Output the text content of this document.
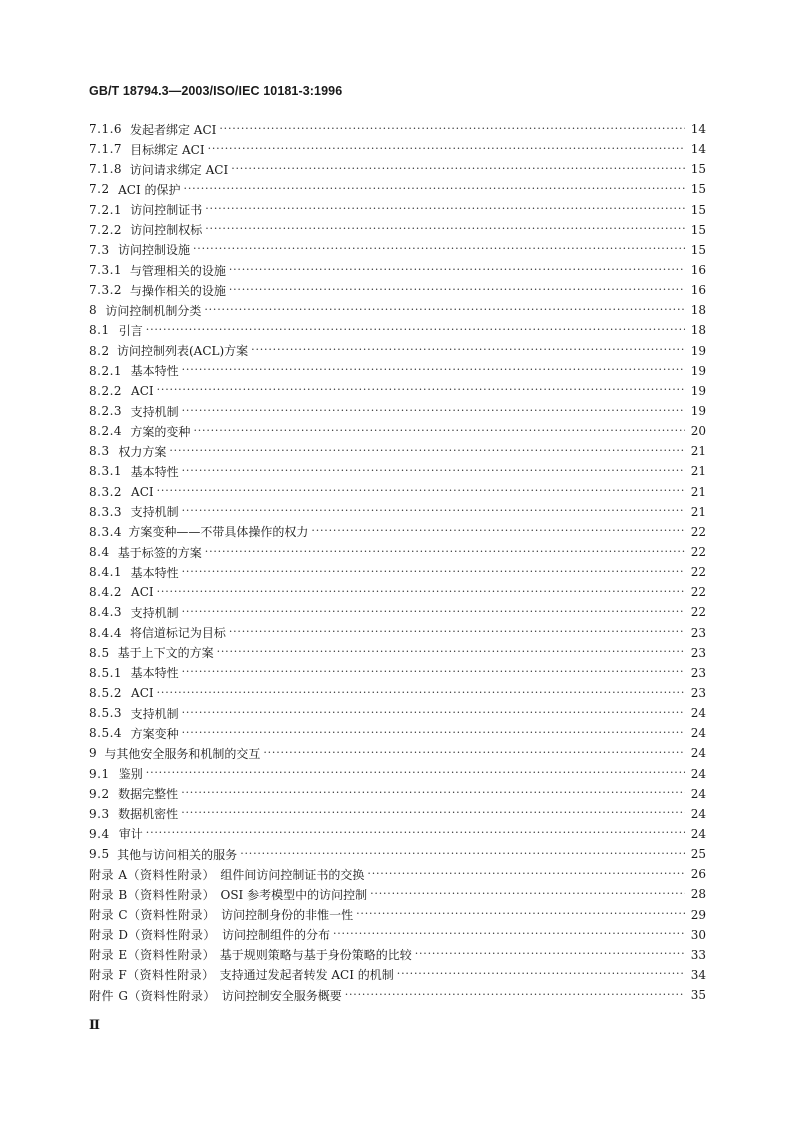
GB/T 18794.3—2003/ISO/IEC 10181-3:1996
7.1.6 发起者绑定 ACI ·····	14
7.1.7 目标绑定 ACI ·····	14
7.1.8 访问请求绑定 ACI ·····	15
7.2 ACI 的保护 ·····	15
7.2.1 访问控制证书 ·····	15
7.2.2 访问控制权标 ·····	15
7.3 访问控制设施 ·····	15
7.3.1 与管理相关的设施 ·····	16
7.3.2 与操作相关的设施 ·····	16
8 访问控制机制分类 ·····	18
8.1 引言 ·····	18
8.2 访问控制列表(ACL)方案 ·····	19
8.2.1 基本特性 ·····	19
8.2.2 ACI ·····	19
8.2.3 支持机制 ·····	19
8.2.4 方案的变种 ·····	20
8.3 权力方案 ·····	21
8.3.1 基本特性 ·····	21
8.3.2 ACI ·····	21
8.3.3 支持机制 ·····	21
8.3.4 方案变种——不带具体操作的权力 ·····	22
8.4 基于标签的方案 ·····	22
8.4.1 基本特性 ·····	22
8.4.2 ACI ·····	22
8.4.3 支持机制 ·····	22
8.4.4 将信道标记为目标 ·····	23
8.5 基于上下文的方案 ·····	23
8.5.1 基本特性 ·····	23
8.5.2 ACI ·····	23
8.5.3 支持机制 ·····	24
8.5.4 方案变种 ·····	24
9 与其他安全服务和机制的交互 ·····	24
9.1 鉴别 ·····	24
9.2 数据完整性 ·····	24
9.3 数据机密性 ·····	24
9.4 审计 ·····	24
9.5 其他与访问相关的服务 ·····	25
附录 A（资料性附录） 组件间访问控制证书的交换 ·····	26
附录 B（资料性附录） OSI 参考模型中的访问控制 ·····	28
附录 C（资料性附录） 访问控制身份的非惟一性 ·····	29
附录 D（资料性附录） 访问控制组件的分布 ·····	30
附录 E（资料性附录） 基于规则策略与基于身份策略的比较 ·····	33
附录 F（资料性附录） 支持通过发起者转发 ACI 的机制 ·····	34
附件 G（资料性附录） 访问控制安全服务概要 ·····	35
Ⅱ
